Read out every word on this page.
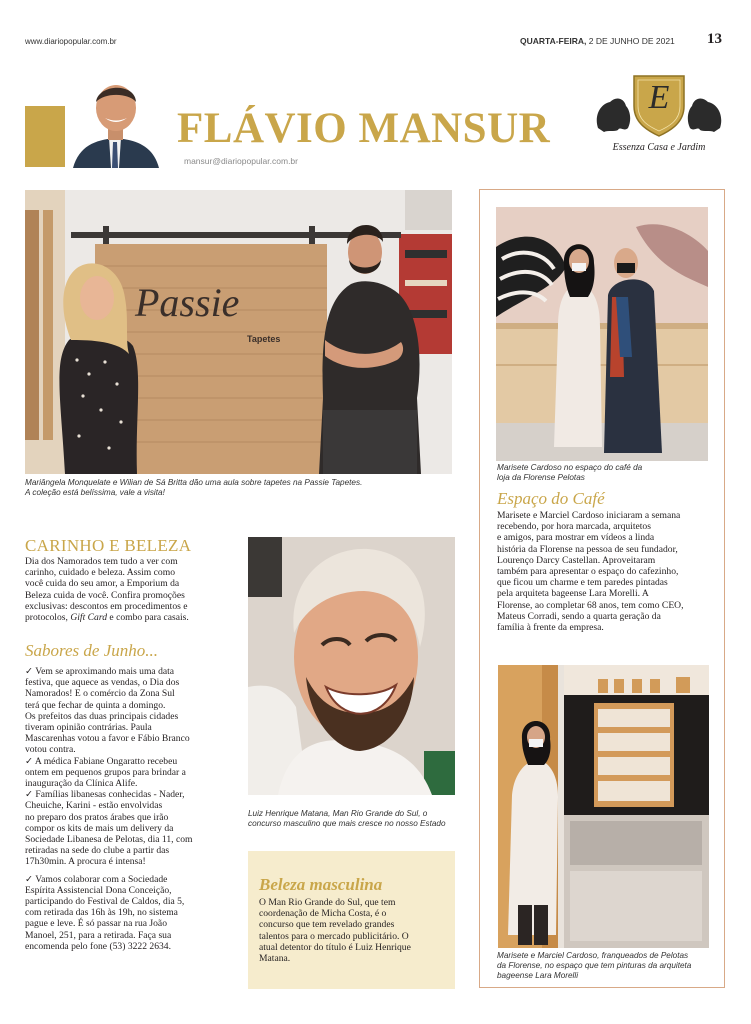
www.diariopopular.com.br	QUARTA-FEIRA, 2 DE JUNHO DE 2021 13
FLÁVIO MANSUR
mansur@diariopopular.com.br
E
Essenza Casa e Jardim
Passie
Tapetes
Mariângela Monquelate e Wilian de Sá Britta dão uma aula sobre tapetes na Passie Tapetes.
A coleção está belíssima, vale a visita!
Marisete Cardoso no espaço do café da
loja da Florense Pelotas
Espaço do Café

Marisete e Marciel Cardoso iniciaram a semana

recebendo, por hora marcada, arquitetos

e amigos, para mostrar em vídeos a linda

história da Florense na pessoa de seu fundador,

Lourenço Darcy Castellan. Aproveitaram

também para apresentar o espaço do cafezinho,

que ficou um charme e tem paredes pintadas

pela arquiteta bageense Lara Morelli. A

Florense, ao completar 68 anos, tem como CEO,

Mateus Corradi, sendo a quarta geração da

família à frente da empresa.

Marisete e Marciel Cardoso, franqueados de Pelotas
da Florense, no espaço que tem pinturas da arquiteta
bageense Lara Morelli
CARINHO E BELEZA

Dia dos Namorados tem tudo a ver com

carinho, cuidado e beleza. Assim como

você cuida do seu amor, a Emporium da

Beleza cuida de você. Confira promoções

exclusivas: descontos em procedimentos e

protocolos, Gift Card e combo para casais.

Sabores de Junho...

✓ Vem se aproximando mais uma data

festiva, que aquece as vendas, o Dia dos

Namorados! E o comércio da Zona Sul

terá que fechar de quinta a domingo.

Os prefeitos das duas principais cidades

tiveram opinião contrárias. Paula

Mascarenhas votou a favor e Fábio Branco

votou contra.

✓ A médica Fabiane Ongaratto recebeu

ontem em pequenos grupos para brindar a

inauguração da Clínica Alife.

✓ Famílias libanesas conhecidas - Nader,

Cheuiche, Karini - estão envolvidas

no preparo dos pratos árabes que irão

compor os kits de mais um delivery da

Sociedade Libanesa de Pelotas, dia 11, com

retiradas na sede do clube a partir das

17h30min. A procura é intensa!

✓ Vamos colaborar com a Sociedade

Espírita Assistencial Dona Conceição,

participando do Festival de Caldos, dia 5,

com retirada das 16h às 19h, no sistema

pague e leve. É só passar na rua João

Manoel, 251, para a retirada. Faça sua

encomenda pelo fone (53) 3222 2634.

Luiz Henrique Matana, Man Rio Grande do Sul, o
concurso masculino que mais cresce no nosso Estado
Beleza masculina

O Man Rio Grande do Sul, que tem

coordenação de Micha Costa, é o

concurso que tem revelado grandes

talentos para o mercado publicitário. O

atual detentor do título é Luiz Henrique

Matana.
